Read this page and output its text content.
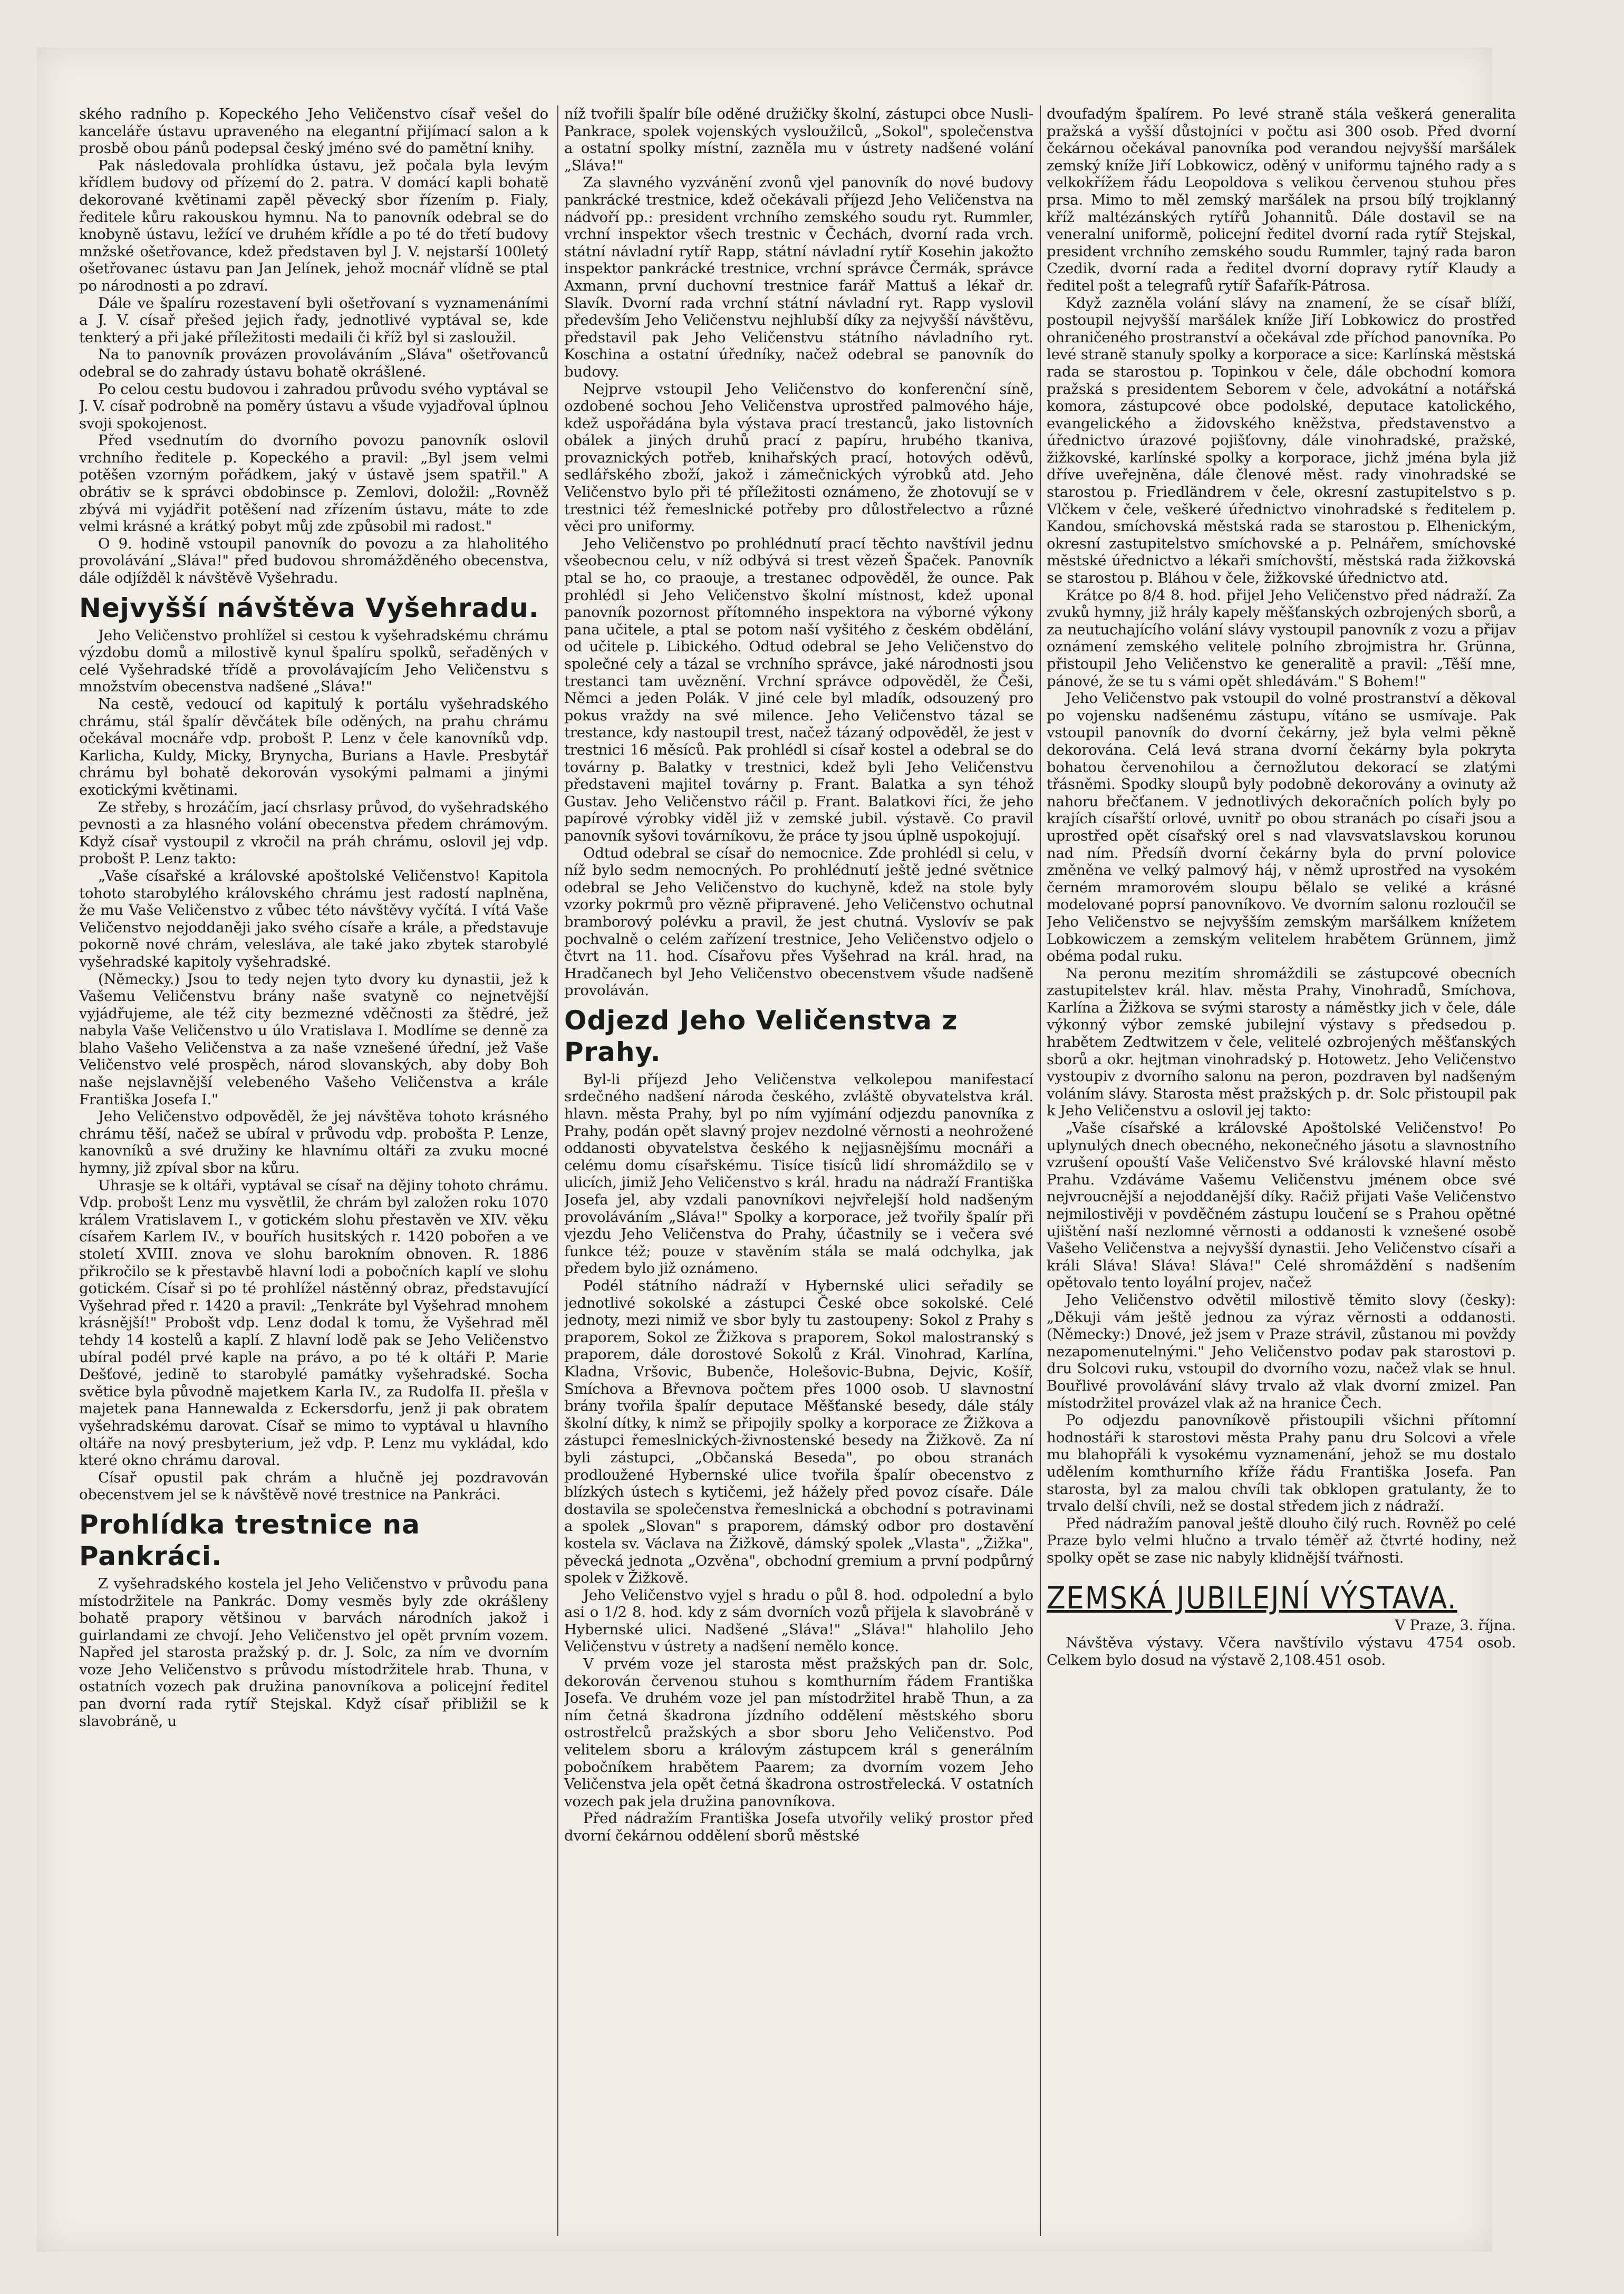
ského radního p. Kopeckého Jeho Veličenstvo císař vešel do kanceláře ústavu upraveného na elegantní přijímací salon a k prosbě obou pánů podepsal český jméno své do pamětní knihy.

Pak následovala prohlídka ústavu, jež počala byla levým křídlem budovy od přízemí do 2. patra. V domácí kapli bohatě dekorované květinami zapěl pěvecký sbor řízením p. Fialy, ředitele kůru rakouskou hymnu. Na to panovník odebral se do knobyně ústavu, ležící ve druhém křídle a po té do třetí budovy mnžské ošetřovance, kdež představen byl J. V. nejstarší 100letý ošetřovanec ústavu pan Jan Jelínek, jehož mocnář vlídně se ptal po národnosti a po zdraví.

Dále ve špalíru rozestavení byli ošetřovaní s vyznamenáními a J. V. císař přešed jejich řady, jednotlivé vyptával se, kde tenkterý a při jaké příležitosti medaili či kříž byl si zasloužil.

Na to panovník provázen provoláváním „Sláva" ošetřovanců odebral se do zahrady ústavu bohatě okrášlené.

Po celou cestu budovou i zahradou průvodu svého vyptával se J. V. císař podrobně na poměry ústavu a všude vyjadřoval úplnou svoji spokojenost.

Před vsednutím do dvorního povozu panovník oslovil vrchního ředitele p. Kopeckého a pravil: „Byl jsem velmi potěšen vzorným pořádkem, jaký v ústavě jsem spatřil." A obrátiv se k správci obdobinsce p. Zemlovi, doložil: „Rovněž zbývá mi vyjádřit potěšení nad zřízením ústavu, máte to zde velmi krásné a krátký pobyt můj zde způsobil mi radost."

O 9. hodině vstoupil panovník do povozu a za hlaholitého provolávání „Sláva!" před budovou shromážděného obecenstva, dále odjížděl k návštěvě Vyšehradu.

Nejvyšší návštěva Vyšehradu.

Jeho Veličenstvo prohlížel si cestou k vyšehradskému chrámu výzdobu domů a milostivě kynul špalíru spolků, seřaděných v celé Vyšehradské třídě a provolávajícím Jeho Veličenstvu s množstvím obecenstva nadšené „Sláva!"

Na cestě, vedoucí od kapitulý k portálu vyšehradského chrámu, stál špalír děvčátek bíle oděných, na prahu chrámu očekával mocnáře vdp. probošt P. Lenz v čele kanovníků vdp. Karlicha, Kuldy, Micky, Brynycha, Burians a Havle. Presbytář chrámu byl bohatě dekorován vysokými palmami a jinými exotickými květinami.

Ze střeby, s hrozáčím, jací chsrlasy průvod, do vyšehradského pevnosti a za hlasného volání obecenstva předem chrámovým. Když císař vystoupil z vkročil na práh chrámu, oslovil jej vdp. probošt P. Lenz takto:

„Vaše císařské a královské apoštolské Veličenstvo! Kapitola tohoto starobylého královského chrámu jest radostí naplněna, že mu Vaše Veličenstvo z vůbec této návštěvy vyčítá. I vítá Vaše Veličenstvo nejoddaněji jako svého císaře a krále, a představuje pokorně nové chrám, velesláva, ale také jako zbytek starobylé vyšehradské kapitoly vyšehradské.

(Německy.) Jsou to tedy nejen tyto dvory ku dynastii, jež k Vašemu Veličenstvu brány naše svatyně co nejnetvější vyjádřujeme, ale též city bezmezné vděčnosti za štědré, jež nabyla Vaše Veličenstvo u úlo Vratislava I. Modlíme se denně za blaho Vašeho Veličenstva a za naše vznešené úřední, jež Vaše Veličenstvo velé prospěch, národ slovanských, aby doby Boh naše nejslavnější velebeného Vašeho Veličenstva a krále Františka Josefa I."

Jeho Veličenstvo odpověděl, že jej návštěva tohoto krásného chrámu těší, načež se ubíral v průvodu vdp. probošta P. Lenze, kanovníků a své družiny ke hlavnímu oltáři za zvuku mocné hymny, již zpíval sbor na kůru.

Uhrasje se k oltáři, vyptával se císař na dějiny tohoto chrámu. Vdp. probošt Lenz mu vysvětlil, že chrám byl založen roku 1070 králem Vratislavem I., v gotickém slohu přestavěn ve XIV. věku císařem Karlem IV., v bouřích husitských r. 1420 pobořen a ve století XVIII. znova ve slohu barokním obnoven. R. 1886 přikročilo se k přestavbě hlavní lodi a pobočních kaplí ve slohu gotickém. Císař si po té prohlížel nástěnný obraz, představující Vyšehrad před r. 1420 a pravil: „Tenkráte byl Vyšehrad mnohem krásnější!" Probošt vdp. Lenz dodal k tomu, že Vyšehrad měl tehdy 14 kostelů a kaplí. Z hlavní lodě pak se Jeho Veličenstvo ubíral podél prvé kaple na právo, a po té k oltáři P. Marie Dešťové, jedině to starobylé památky vyšehradské. Socha světice byla původně majetkem Karla IV., za Rudolfa II. přešla v majetek pana Hannewalda z Eckersdorfu, jenž ji pak obratem vyšehradskému darovat. Císař se mimo to vyptával u hlavního oltáře na nový presbyterium, jež vdp. P. Lenz mu vykládal, kdo které okno chrámu daroval.

Císař opustil pak chrám a hlučně jej pozdravován obecenstvem jel se k návštěvě nové trestnice na Pankráci.

Prohlídka trestnice na Pankráci.

Z vyšehradského kostela jel Jeho Veličenstvo v průvodu pana místodržitele na Pankrác. Domy vesměs byly zde okrášleny bohatě prapory většinou v barvách národních jakož i guirlandami ze chvojí. Jeho Veličenstvo jel opět prvním vozem. Napřed jel starosta pražský p. dr. J. Solc, za ním ve dvorním voze Jeho Veličenstvo s průvodu místodržitele hrab. Thuna, v ostatních vozech pak družina panovníkova a policejní ředitel pan dvorní rada rytíř Stejskal. Když císař přibližil se k slavobráně, u

níž tvořili špalír bíle oděné družičky školní, zástupci obce Nusli-Pankrace, spolek vojenských vysloužilců, „Sokol", společenstva a ostatní spolky místní, zazněla mu v ústrety nadšené volání „Sláva!"

Za slavného vyzvánění zvonů vjel panovník do nové budovy pankrácké trestnice, kdež očekávali příjezd Jeho Veličenstva na nádvoří pp.: president vrchního zemského soudu ryt. Rummler, vrchní inspektor všech trestnic v Čechách, dvorní rada vrch. státní návladní rytíř Rapp, státní návladní rytíř Kosehin jakožto inspektor pankrácké trestnice, vrchní správce Čermák, správce Axmann, první duchovní trestnice farář Mattuš a lékař dr. Slavík. Dvorní rada vrchní státní návladní ryt. Rapp vyslovil především Jeho Veličenstvu nejhlubší díky za nejvyšší návštěvu, představil pak Jeho Veličenstvu státního návladního ryt. Koschina a ostatní úředníky, načež odebral se panovník do budovy.

Nejprve vstoupil Jeho Veličenstvo do konferenční síně, ozdobené sochou Jeho Veličenstva uprostřed palmového háje, kdež uspořádána byla výstava prací trestanců, jako listovních obálek a jiných druhů prací z papíru, hrubého tkaniva, provaznických potřeb, knihařských prací, hotových oděvů, sedlářského zboží, jakož i zámečnických výrobků atd. Jeho Veličenstvo bylo při té příležitosti oznámeno, že zhotovují se v trestnici též řemeslnické potřeby pro důlostřelectvo a různé věci pro uniformy.

Jeho Veličenstvo po prohlédnutí prací těchto navštívil jednu všeobecnou celu, v níž odbývá si trest vězeň Špaček. Panovník ptal se ho, co praouje, a trestanec odpověděl, že ounce. Pak prohlédl si Jeho Veličenstvo školní místnost, kdež uponal panovník pozornost přítomného inspektora na výborné výkony pana učitele, a ptal se potom naší vyšitého z českém obdělání, od učitele p. Libického. Odtud odebral se Jeho Veličenstvo do společné cely a tázal se vrchního správce, jaké národnosti jsou trestanci tam uvěznění. Vrchní správce odpověděl, že Češi, Němci a jeden Polák. V jiné cele byl mladík, odsouzený pro pokus vraždy na své milence. Jeho Veličenstvo tázal se trestance, kdy nastoupil trest, načež tázaný odpověděl, že jest v trestnici 16 měsíců. Pak prohlédl si císař kostel a odebral se do továrny p. Balatky v trestnici, kdež byli Jeho Veličenstvu představeni majitel továrny p. Frant. Balatka a syn téhož Gustav. Jeho Veličenstvo ráčil p. Frant. Balatkovi říci, že jeho papírové výrobky viděl již v zemské jubil. výstavě. Co pravil panovník syšovi továrníkovu, že práce ty jsou úplně uspokojují.

Odtud odebral se císař do nemocnice. Zde prohlédl si celu, v níž bylo sedm nemocných. Po prohlédnutí ještě jedné světnice odebral se Jeho Veličenstvo do kuchyně, kdež na stole byly vzorky pokrmů pro vězně připravené. Jeho Veličenstvo ochutnal bramborový polévku a pravil, že jest chutná. Vyslovív se pak pochvalně o celém zařízení trestnice, Jeho Veličenstvo odjelo o čtvrt na 11. hod. Císařovu přes Vyšehrad na král. hrad, na Hradčanech byl Jeho Veličenstvo obecenstvem všude nadšeně provoláván.

Odjezd Jeho Veličenstva z Prahy.

Byl-li příjezd Jeho Veličenstva velkolepou manifestací srdečného nadšení národa českého, zvláště obyvatelstva král. hlavn. města Prahy, byl po ním vyjímání odjezdu panovníka z Prahy, podán opět slavný projev nezdolné věrnosti a neohrožené oddanosti obyvatelstva českého k nejjasnějšímu mocnáři a celému domu císařskému. Tisíce tisíců lidí shromáždilo se v ulicích, jimiž Jeho Veličenstvo s král. hradu na nádraží Františka Josefa jel, aby vzdali panovníkovi nejvřelejší hold nadšeným provoláváním „Sláva!" Spolky a korporace, jež tvořily špalír při vjezdu Jeho Veličenstva do Prahy, účastnily se i večera své funkce též; pouze v stavěním stála se malá odchylka, jak předem bylo již oznámeno.

Podél státního nádraží v Hybernské ulici seřadily se jednotlivé sokolské a zástupci České obce sokolské. Celé jednoty, mezi nimiž ve sbor byly tu zastoupeny: Sokol z Prahy s praporem, Sokol ze Žižkova s praporem, Sokol malostranský s praporem, dále dorostové Sokolů z Král. Vinohrad, Karlína, Kladna, Vršovic, Bubenče, Holešovic-Bubna, Dejvic, Košíř, Smíchova a Břevnova počtem přes 1000 osob. U slavnostní brány tvořila špalír deputace Měšťanské besedy, dále stály školní dítky, k nimž se připojily spolky a korporace ze Žižkova a zástupci řemeslnických-živnostenské besedy na Žižkově. Za ní byli zástupci, „Občanská Beseda", po obou stranách prodloužené Hybernské ulice tvořila špalír obecenstvo z blízkých ústech s kytičemi, jež hážely před povoz císaře. Dále dostavila se společenstva řemeslnická a obchodní s potravinami a spolek „Slovan" s praporem, dámský odbor pro dostavění kostela sv. Václava na Žižkově, dámský spolek „Vlasta", „Žižka", pěvecká jednota „Ozvěna", obchodní gremium a první podpůrný spolek v Žižkově.

Jeho Veličenstvo vyjel s hradu o půl 8. hod. odpolední a bylo asi o 1/2 8. hod. kdy z sám dvorních vozů přijela k slavobráně v Hybernské ulici. Nadšené „Sláva!" „Sláva!" hlaholilo Jeho Veličenstvu v ústrety a nadšení nemělo konce.

V prvém voze jel starosta měst pražských pan dr. Solc, dekorován červenou stuhou s komthurním řádem Františka Josefa. Ve druhém voze jel pan místodržitel hrabě Thun, a za ním četná škadrona jízdního oddělení městského sboru ostrostřelců pražských a sbor sboru Jeho Veličenstvo. Pod velitelem sboru a královým zástupcem král s generálním pobočníkem hrabětem Paarem; za dvorním vozem Jeho Veličenstva jela opět četná škadrona ostrostřelecká. V ostatních vozech pak jela družina panovníkova.

Před nádražím Františka Josefa utvořily veliký prostor před dvorní čekárnou oddělení sborů městské

dvoufadým špalírem. Po levé straně stála veškerá generalita pražská a vyšší důstojníci v počtu asi 300 osob. Před dvorní čekárnou očekával panovníka pod verandou nejvyšší maršálek zemský kníže Jiří Lobkowicz, oděný v uniformu tajného rady a s velkokřížem řádu Leopoldova s velikou červenou stuhou přes prsa. Mimo to měl zemský maršálek na prsou bílý trojklanný kříž maltézánských rytířů Johannitů. Dále dostavil se na veneralní uniformě, policejní ředitel dvorní rada rytíř Stejskal, president vrchního zemského soudu Rummler, tajný rada baron Czedik, dvorní rada a ředitel dvorní dopravy rytíř Klaudy a ředitel pošt a telegrafů rytíř Šafařík-Pátrosa.

Když zazněla volání slávy na znamení, že se císař blíží, postoupil nejvyšší maršálek kníže Jiří Lobkowicz do prostřed ohraničeného prostranství a očekával zde příchod panovníka. Po levé straně stanuly spolky a korporace a sice: Karlínská městská rada se starostou p. Topinkou v čele, dále obchodní komora pražská s presidentem Seborem v čele, advokátní a notářská komora, zástupcové obce podolské, deputace katolického, evangelického a židovského kněžstva, představenstvo a úřednictvo úrazové pojišťovny, dále vinohradské, pražské, žižkovské, karlínské spolky a korporace, jichž jména byla již dříve uveřejněna, dále členové měst. rady vinohradské se starostou p. Friedländrem v čele, okresní zastupitelstvo s p. Vlčkem v čele, veškeré úřednictvo vinohradské s ředitelem p. Kandou, smíchovská městská rada se starostou p. Elhenickým, okresní zastupitelstvo smíchovské a p. Pelnářem, smíchovské městské úřednictvo a lékaři smíchovští, městská rada žižkovská se starostou p. Bláhou v čele, žižkovské úřednictvo atd.

Krátce po 8/4 8. hod. přijel Jeho Veličenstvo před nádraží. Za zvuků hymny, již hrály kapely měšťanských ozbrojených sborů, a za neutuchajícího volání slávy vystoupil panovník z vozu a přijav oznámení zemského velitele polního zbrojmistra hr. Grünna, přistoupil Jeho Veličenstvo ke generalitě a pravil: „Těší mne, pánové, že se tu s vámi opět shledávám." S Bohem!"

Jeho Veličenstvo pak vstoupil do volné prostranství a děkoval po vojensku nadšenému zástupu, vítáno se usmívaje. Pak vstoupil panovník do dvorní čekárny, jež byla velmi pěkně dekorována. Celá levá strana dvorní čekárny byla pokryta bohatou červenohilou a černožlutou dekorací se zlatými třásněmi. Spodky sloupů byly podobně dekorovány a ovinuty až nahoru břečťanem. V jednotlivých dekoračních polích byly po krajích císařští orlové, uvnitř po obou stranách po císaři jsou a uprostřed opět císařský orel s nad vlavsvatslavskou korunou nad ním. Předsíň dvorní čekárny byla do první polovice změněna ve velký palmový háj, v němž uprostřed na vysokém černém mramorovém sloupu bělalo se veliké a krásné modelované poprsí panovníkovo. Ve dvorním salonu rozloučil se Jeho Veličenstvo se nejvyšším zemským maršálkem knížetem Lobkowiczem a zemským velitelem hrabětem Grünnem, jimž obéma podal ruku.

Na peronu mezitím shromáždili se zástupcové obecních zastupitelstev král. hlav. města Prahy, Vinohradů, Smíchova, Karlína a Žižkova se svými starosty a náměstky jich v čele, dále výkonný výbor zemské jubilejní výstavy s předsedou p. hrabětem Zedtwitzem v čele, velitelé ozbrojených měšťanských sborů a okr. hejtman vinohradský p. Hotowetz. Jeho Veličenstvo vystoupiv z dvorního salonu na peron, pozdraven byl nadšeným voláním slávy. Starosta měst pražských p. dr. Solc přistoupil pak k Jeho Veličenstvu a oslovil jej takto:

„Vaše císařské a královské Apoštolské Veličenstvo! Po uplynulých dnech obecného, nekonečného jásotu a slavnostního vzrušení opouští Vaše Veličenstvo Své královské hlavní město Prahu. Vzdáváme Vašemu Veličenstvu jménem obce své nejvroucnější a nejoddanější díky. Račiž přijati Vaše Veličenstvo nejmilostivěji v povděčném zástupu loučení se s Prahou opětné ujištění naší nezlomné věrnosti a oddanosti k vznešené osobě Vašeho Veličenstva a nejvyšší dynastii. Jeho Veličenstvo císaři a králi Sláva! Sláva! Sláva!" Celé shromáždění s nadšením opětovalo tento loyální projev, načež

Jeho Veličenstvo odvětil milostivě těmito slovy (česky): „Děkuji vám ještě jednou za výraz věrnosti a oddanosti. (Německy:) Dnové, jež jsem v Praze strávil, zůstanou mi povždy nezapomenutelnými." Jeho Veličenstvo podav pak starostovi p. dru Solcovi ruku, vstoupil do dvorního vozu, načež vlak se hnul. Bouřlivé provolávání slávy trvalo až vlak dvorní zmizel. Pan místodržitel provázel vlak až na hranice Čech.

Po odjezdu panovníkově přistoupili všichni přítomní hodnostáři k starostovi města Prahy panu dru Solcovi a vřele mu blahopřáli k vysokému vyznamenání, jehož se mu dostalo udělením komthurního kříže řádu Františka Josefa. Pan starosta, byl za malou chvíli tak obklopen gratulanty, že to trvalo delší chvíli, než se dostal středem jich z nádraží.

Před nádražím panoval ještě dlouho čilý ruch. Rovněž po celé Praze bylo velmi hlučno a trvalo téměř až čtvrté hodiny, než spolky opět se zase nic nabyly klidnější tvářnosti.

ZEMSKÁ JUBILEJNÍ VÝSTAVA.

V Praze, 3. října.

Návštěva výstavy. Včera navštívilo výstavu 4754 osob. Celkem bylo dosud na výstavě 2,108.451 osob.
